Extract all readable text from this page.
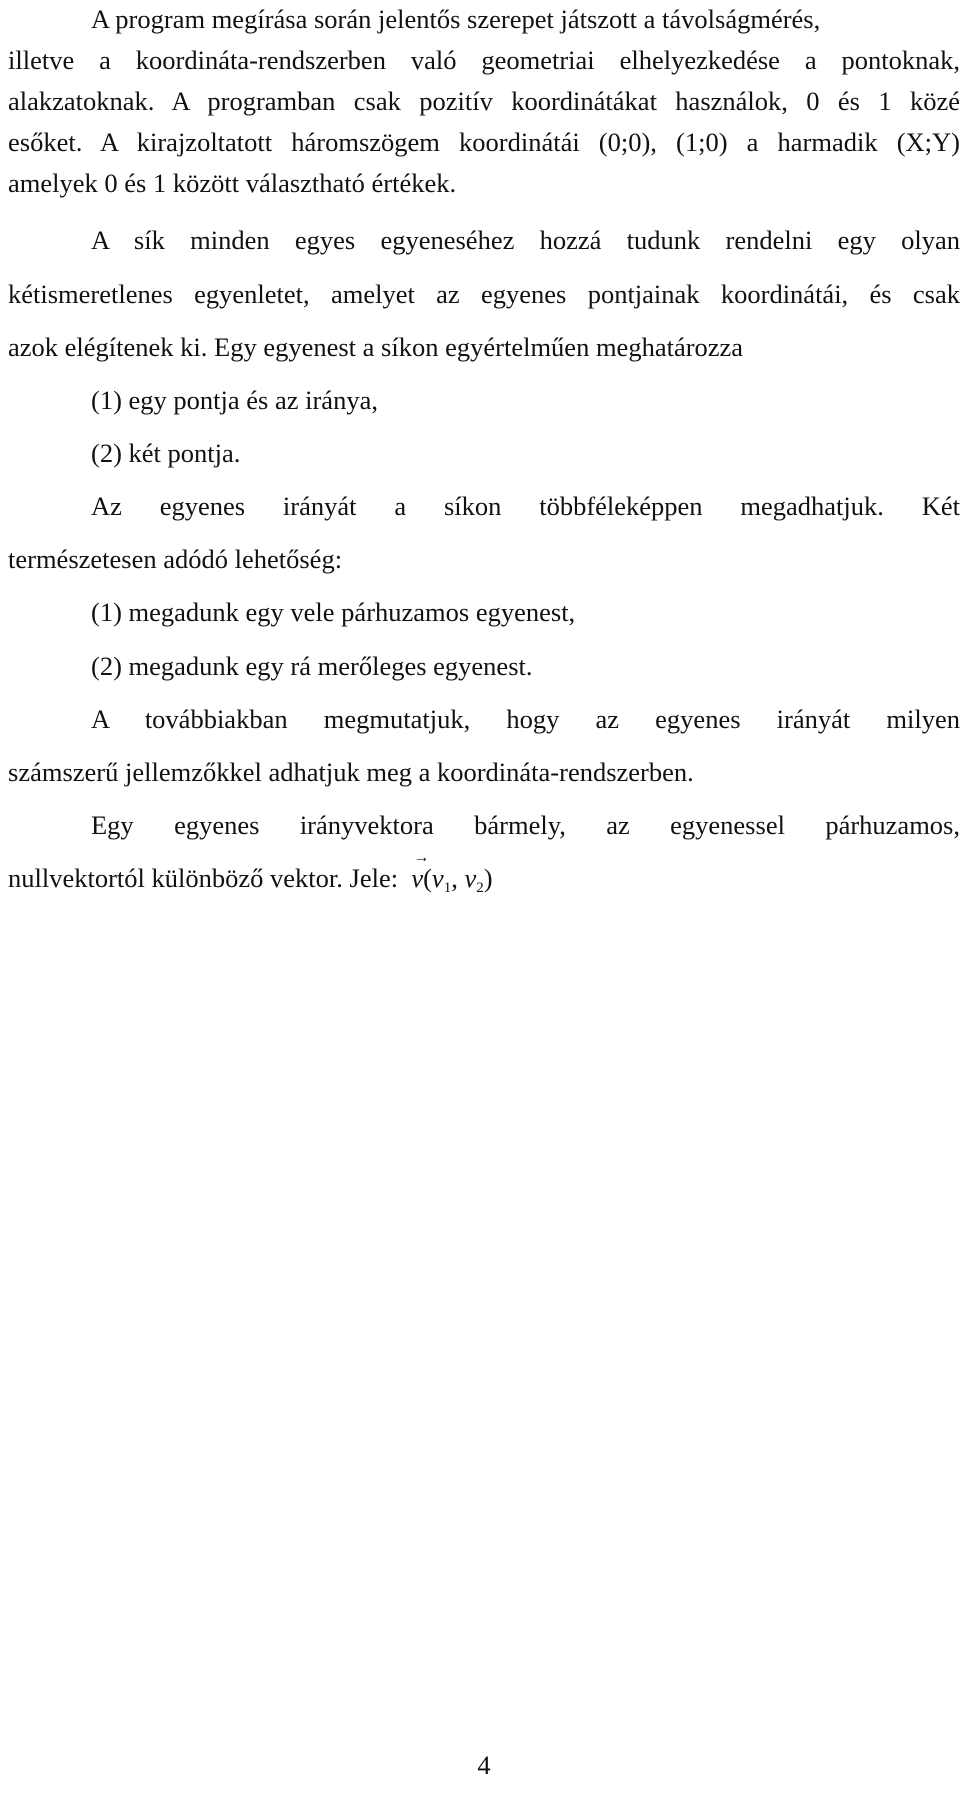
A program megírása során jelentős szerepet játszott a távolságmérés,
illetve a koordináta-rendszerben való geometriai elhelyezkedése a pontoknak,
alakzatoknak. A programban csak pozitív koordinátákat használok, 0 és 1 közé
esőket. A kirajzoltatott háromszögem koordinátái (0;0), (1;0) a harmadik (X;Y)
amelyek 0 és 1 között választható értékek.
A sík minden egyes egyeneséhez hozzá tudunk rendelni egy olyan
kétismeretlenes egyenletet, amelyet az egyenes pontjainak koordinátái, és csak
azok elégítenek ki. Egy egyenest a síkon egyértelműen meghatározza
(1) egy pontja és az iránya,
(2) két pontja.
Az egyenes irányát a síkon többféleképpen megadhatjuk. Két
természetesen adódó lehetőség:
(1) megadunk egy vele párhuzamos egyenest,
(2) megadunk egy rá merőleges egyenest.
A továbbiakban megmutatjuk, hogy az egyenes irányát milyen
számszerű jellemzőkkel adhatjuk meg a koordináta-rendszerben.
Egy egyenes irányvektora bármely, az egyenessel párhuzamos,
nullvektortól különböző vektor. Jele:  → $v(v_1$, $v_2$)
4
